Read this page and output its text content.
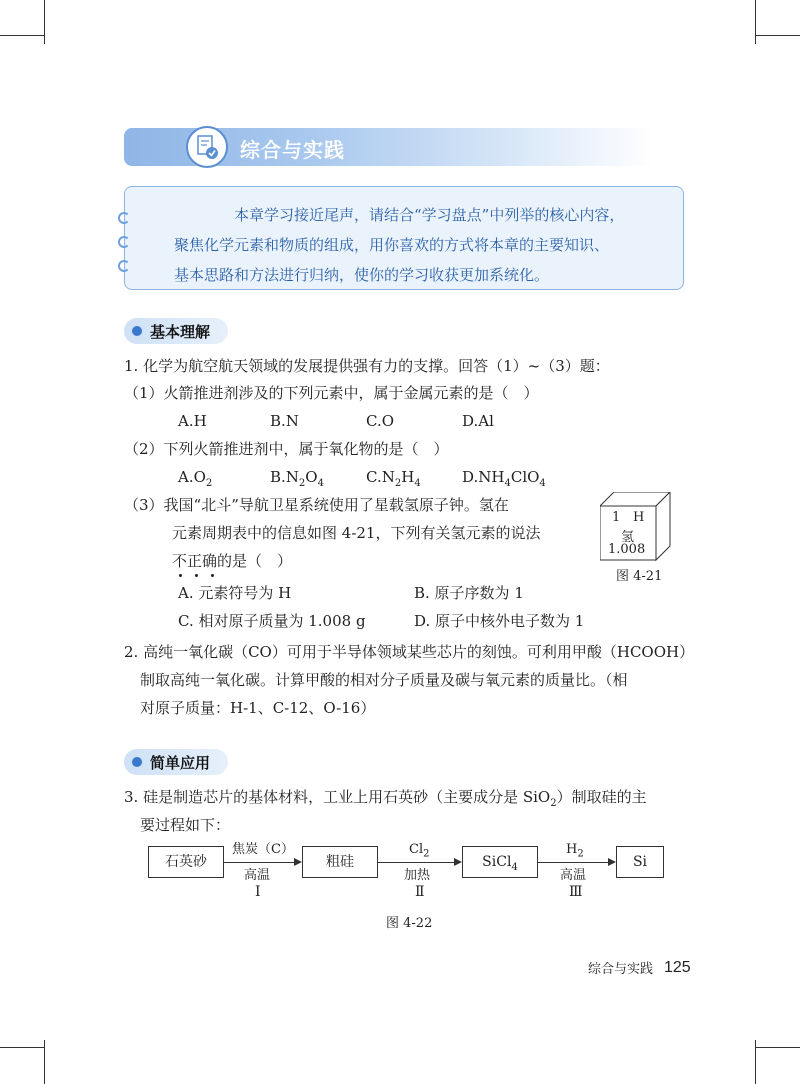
综合与实践
本章学习接近尾声，请结合“学习盘点”中列举的核心内容，
聚焦化学元素和物质的组成，用你喜欢的方式将本章的主要知识、
基本思路和方法进行归纳，使你的学习收获更加系统化。
基本理解
1. 化学为航空航天领域的发展提供强有力的支撑。回答（1）~（3）题：
（1）火箭推进剂涉及的下列元素中，属于金属元素的是（　）
A.H	B.N	C.O	D.Al
（2）下列火箭推进剂中，属于氧化物的是（　）
$A.O_2$	$B.N_2O_4$	$C.N_2H_4$	$D.NH_4ClO_4$
（3）我国“北斗”导航卫星系统使用了星载氢原子钟。氢在
元素周期表中的信息如图 4-21，下列有关氢元素的说法
不正确的是（　）
A. 元素符号为 H	B. 原子序数为 1
C. 相对原子质量为 1.008 g	D. 原子中核外电子数为 1
1 H
氢
1.008
图 4-21
2. 高纯一氧化碳（CO）可用于半导体领域某些芯片的刻蚀。可利用甲酸（HCOOH）
制取高纯一氧化碳。计算甲酸的相对分子质量及碳与氧元素的质量比。（相
对原子质量：H-1、C-12、O-16）
简单应用
3. 硅是制造芯片的基体材料，工业上用石英砂（主要成分是 SiO$_2$）制取硅的主
要过程如下：
石英砂	粗硅	SiCl$_4$	Si
焦炭（C）
高温
Ⅰ
$Cl_2$
加热
Ⅱ
$H_2$
高温
Ⅲ
图 4-22
综合与实践 125
